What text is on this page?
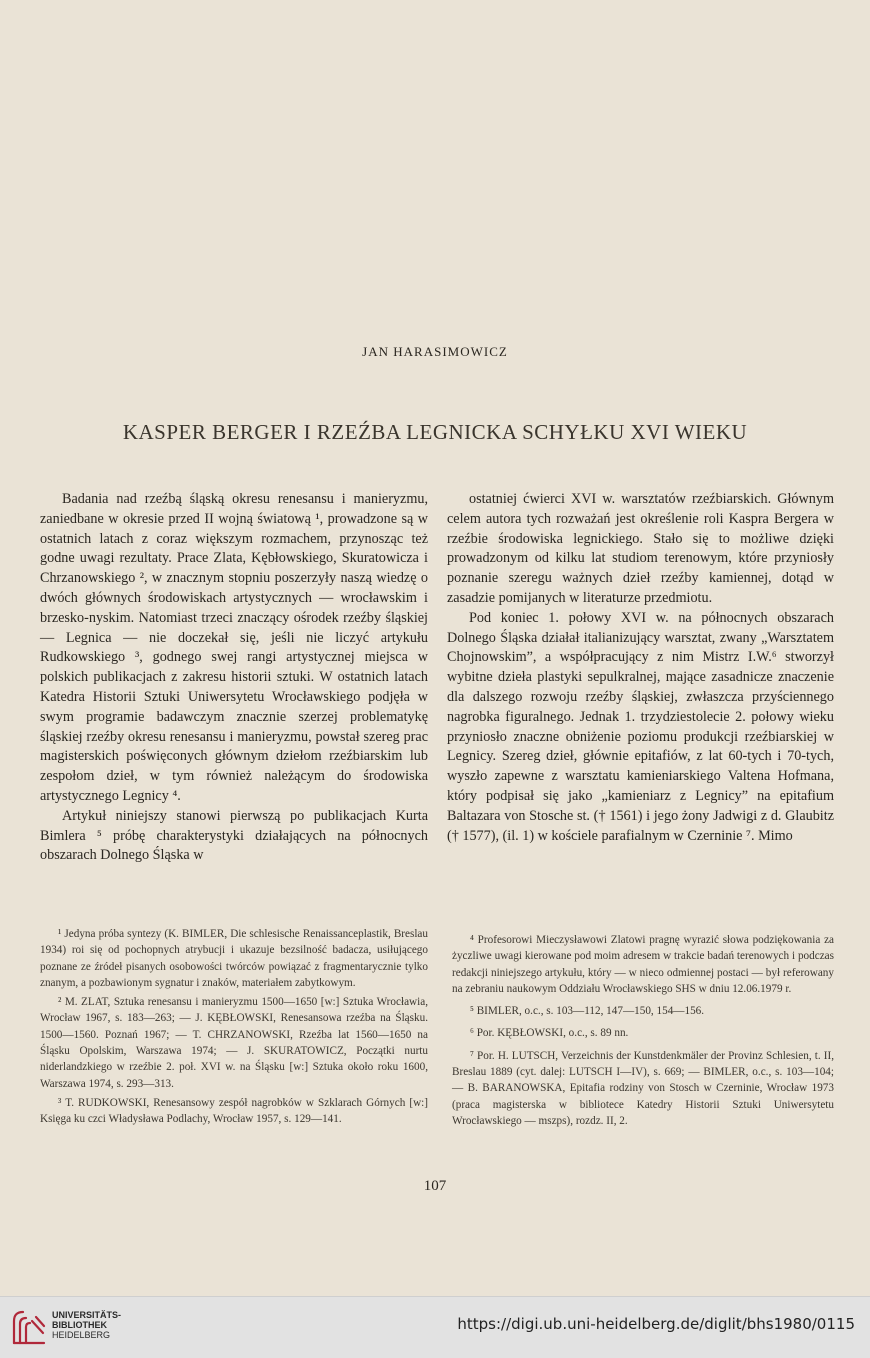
JAN HARASIMOWICZ
KASPER BERGER I RZEŹBA LEGNICKA SCHYŁKU XVI WIEKU

Badania nad rzeźbą śląską okresu renesansu i manieryzmu, zaniedbane w okresie przed II wojną światową ¹, prowadzone są w ostatnich latach z coraz większym rozmachem, przynosząc też godne uwagi rezultaty. Prace Zlata, Kębłowskiego, Skuratowicza i Chrzanowskiego ², w znacznym stopniu poszerzyły naszą wiedzę o dwóch głównych środowiskach artystycznych — wrocławskim i brzesko-nyskim. Natomiast trzeci znaczący ośrodek rzeźby śląskiej — Legnica — nie doczekał się, jeśli nie liczyć artykułu Rudkowskiego ³, godnego swej rangi artystycznej miejsca w polskich publikacjach z zakresu historii sztuki. W ostatnich latach Katedra Historii Sztuki Uniwersytetu Wrocławskiego podjęła w swym programie badawczym znacznie szerzej problematykę śląskiej rzeźby okresu renesansu i manieryzmu, powstał szereg prac magisterskich poświęconych głównym dziełom rzeźbiarskim lub zespołom dzieł, w tym również należącym do środowiska artystycznego Legnicy ⁴.

Artykuł niniejszy stanowi pierwszą po publikacjach Kurta Bimlera ⁵ próbę charakterystyki działających na północnych obszarach Dolnego Śląska w

ostatniej ćwierci XVI w. warsztatów rzeźbiarskich. Głównym celem autora tych rozważań jest określenie roli Kaspra Bergera w rzeźbie środowiska legnickiego. Stało się to możliwe dzięki prowadzonym od kilku lat studiom terenowym, które przyniosły poznanie szeregu ważnych dzieł rzeźby kamiennej, dotąd w zasadzie pomijanych w literaturze przedmiotu.

Pod koniec 1. połowy XVI w. na północnych obszarach Dolnego Śląska działał italianizujący warsztat, zwany „Warsztatem Chojnowskim”, a współpracujący z nim Mistrz I.W.⁶ stworzył wybitne dzieła plastyki sepulkralnej, mające zasadnicze znaczenie dla dalszego rozwoju rzeźby śląskiej, zwłaszcza przyściennego nagrobka figuralnego. Jednak 1. trzydziestolecie 2. połowy wieku przyniosło znaczne obniżenie poziomu produkcji rzeźbiarskiej w Legnicy. Szereg dzieł, głównie epitafiów, z lat 60-tych i 70-tych, wyszło zapewne z warsztatu kamieniarskiego Valtena Hofmana, który podpisał się jako „kamieniarz z Legnicy” na epitafium Baltazara von Stosche st. († 1561) i jego żony Jadwigi z d. Glaubitz († 1577), (il. 1) w kościele parafialnym w Czerninie ⁷. Mimo

¹ Jedyna próba syntezy (K. BIMLER, Die schlesische Renaissanceplastik, Breslau 1934) roi się od pochopnych atrybucji i ukazuje bezsilność badacza, usiłującego poznane ze źródeł pisanych osobowości twórców powiązać z fragmentarycznie tylko znanym, a pozbawionym sygnatur i znaków, materiałem zabytkowym.

² M. ZLAT, Sztuka renesansu i manieryzmu 1500—1650 [w:] Sztuka Wrocławia, Wrocław 1967, s. 183—263; — J. KĘBŁOWSKI, Renesansowa rzeźba na Śląsku. 1500—1560. Poznań 1967; — T. CHRZANOWSKI, Rzeźba lat 1560—1650 na Śląsku Opolskim, Warszawa 1974; — J. SKURATOWICZ, Początki nurtu niderlandzkiego w rzeźbie 2. poł. XVI w. na Śląsku [w:] Sztuka około roku 1600, Warszawa 1974, s. 293—313.

³ T. RUDKOWSKI, Renesansowy zespół nagrobków w Szklarach Górnych [w:] Księga ku czci Władysława Podlachy, Wrocław 1957, s. 129—141.

⁴ Profesorowi Mieczysławowi Zlatowi pragnę wyrazić słowa podziękowania za życzliwe uwagi kierowane pod moim adresem w trakcie badań terenowych i podczas redakcji niniejszego artykułu, który — w nieco odmiennej postaci — był referowany na zebraniu naukowym Oddziału Wrocławskiego SHS w dniu 12.06.1979 r.

⁵ BIMLER, o.c., s. 103—112, 147—150, 154—156.

⁶ Por. KĘBŁOWSKI, o.c., s. 89 nn.

⁷ Por. H. LUTSCH, Verzeichnis der Kunstdenkmäler der Provinz Schlesien, t. II, Breslau 1889 (cyt. dalej: LUTSCH I—IV), s. 669; — BIMLER, o.c., s. 103—104; — B. BARANOWSKA, Epitafia rodziny von Stosch w Czerninie, Wrocław 1973 (praca magisterska w bibliotece Katedry Historii Sztuki Uniwersytetu Wrocławskiego — mszps), rozdz. II, 2.

107
UNIVERSITÄTS-
BIBLIOTHEK
HEIDELBERG
https://digi.ub.uni-heidelberg.de/diglit/bhs1980/0115
